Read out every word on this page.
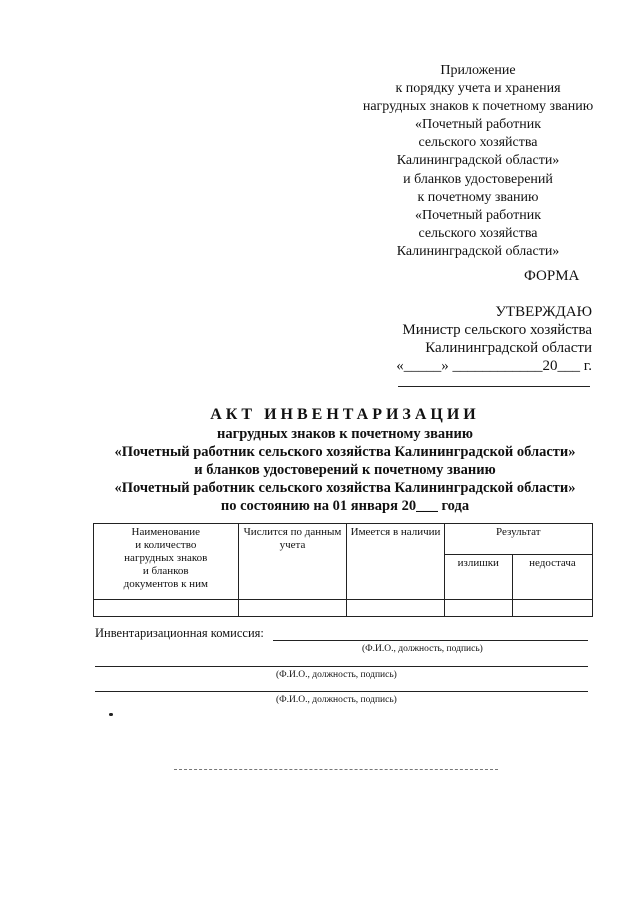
Приложение
к порядку учета и хранения
нагрудных знаков к почетному званию
«Почетный работник
сельского хозяйства
Калининградской области»
и бланков удостоверений
к почетному званию
«Почетный работник
сельского хозяйства
Калининградской области»
ФОРМА
УТВЕРЖДАЮ
Министр сельского хозяйства
Калининградской области
«_____» ____________20___ г.
АКТ ИНВЕНТАРИЗАЦИИ
нагрудных знаков к почетному званию
«Почетный работник сельского хозяйства Калининградской области»
и бланков удостоверений к почетному званию
«Почетный работник сельского хозяйства Калининградской области»
по состоянию на 01 января 20___ года
Наименование
и количество
нагрудных знаков
и бланков
документов к ним	Числится по данным учета	Имеется в наличии	Результат	
			излишки	недостача

Инвентаризационная комиссия:
(Ф.И.О., должность, подпись)
(Ф.И.О., должность, подпись)
(Ф.И.О., должность, подпись)
